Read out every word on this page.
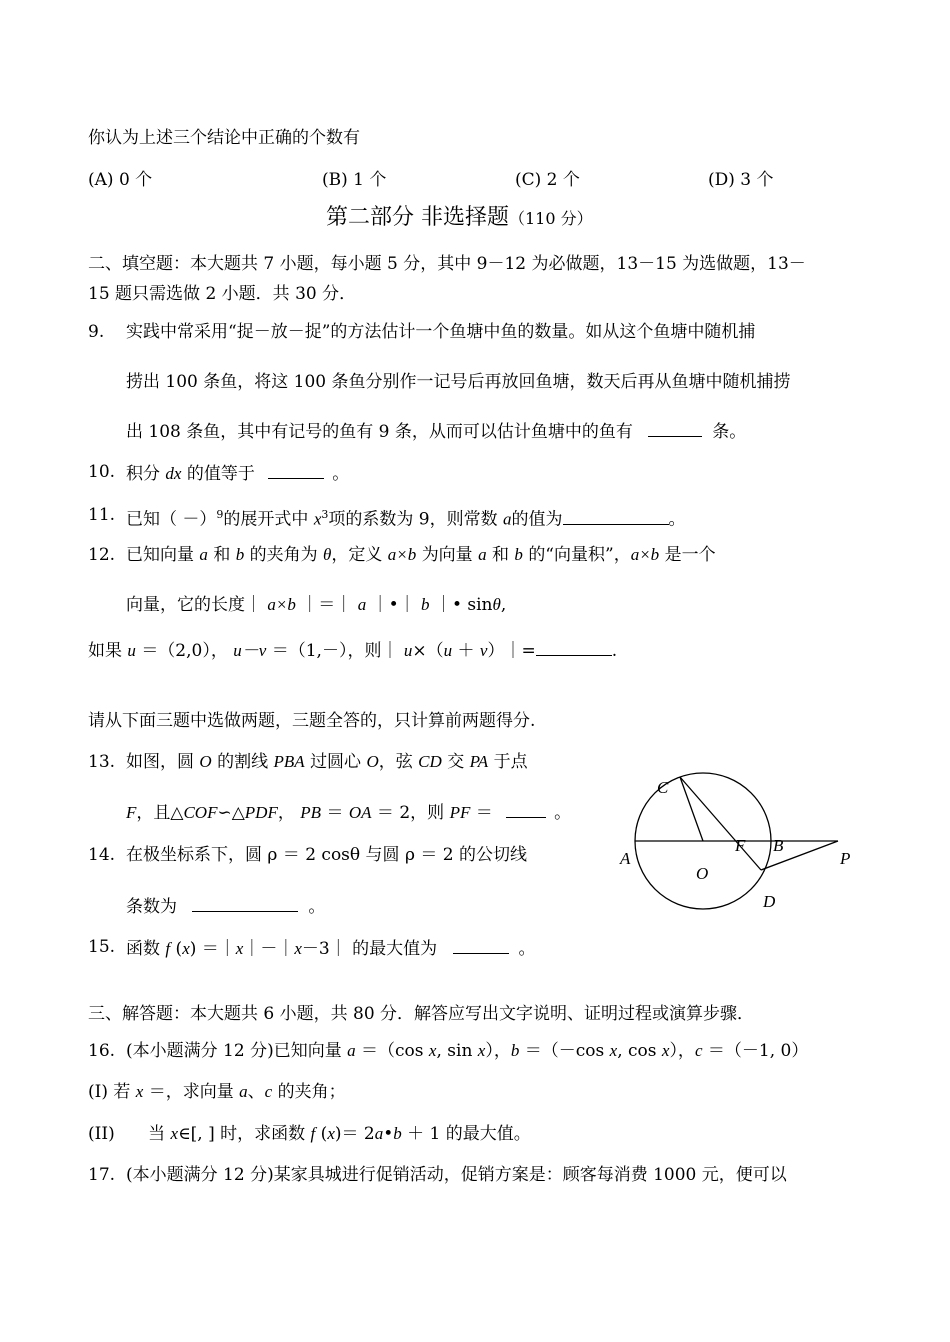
你认为上述三个结论中正确的个数有
(A) 0 个	(B) 1 个	(C) 2 个	(D) 3 个
第二部分 非选择题（110 分）
二、填空题：本大题共 7 小题，每小题 5 分，其中 9－12 为必做题，13－15 为选做题，13－
15 题只需选做 2 小题．共 30 分．
9. 实践中常采用“捉－放－捉”的方法估计一个鱼塘中鱼的数量。如从这个鱼塘中随机捕
捞出 100 条鱼，将这 100 条鱼分别作一记号后再放回鱼塘，数天后再从鱼塘中随机捕捞
出 108 条鱼，其中有记号的鱼有 9 条，从而可以估计鱼塘中的鱼有	条。
10. 积分 dx 的值等于	。
11. 已知（ －）$^9$的展开式中 $x^3$项的系数为 9，则常数 a的值为	。
12. 已知向量 a 和 b 的夹角为 θ，定义 a×b 为向量 a 和 b 的“向量积”，a×b 是一个
向量，它的长度｜ a×b ｜＝｜ a ｜•｜ b ｜• sinθ,
如果 u ＝（2,0）， u－v ＝（1,－），则｜ u×（u ＋ v）｜=	.
请从下面三题中选做两题，三题全答的，只计算前两题得分.
13. 如图，圆 O 的割线 PBA 过圆心 O，弦 CD 交 PA 于点
F，且△COF∽△PDF， PB ＝ OA ＝ 2，则 PF ＝	。
14. 在极坐标系下，圆 ρ ＝ 2 cosθ 与圆 ρ ＝ 2 的公切线
条数为	。
15. 函数 f (x) ＝｜x｜－｜x－3｜ 的最大值为	。
C
F B
A
O
P
D
三、解答题：本大题共 6 小题，共 80 分．解答应写出文字说明、证明过程或演算步骤．
16. (本小题满分 12 分)已知向量 a ＝（cos x, sin x），b ＝（－cos x, cos x），c ＝（－1, 0）
(I) 若 x ＝，求向量 a、c 的夹角；
(II) 当 x∈[, ] 时，求函数 f (x)＝ 2a•b ＋ 1 的最大值。
17. (本小题满分 12 分)某家具城进行促销活动，促销方案是：顾客每消费 1000 元，便可以
